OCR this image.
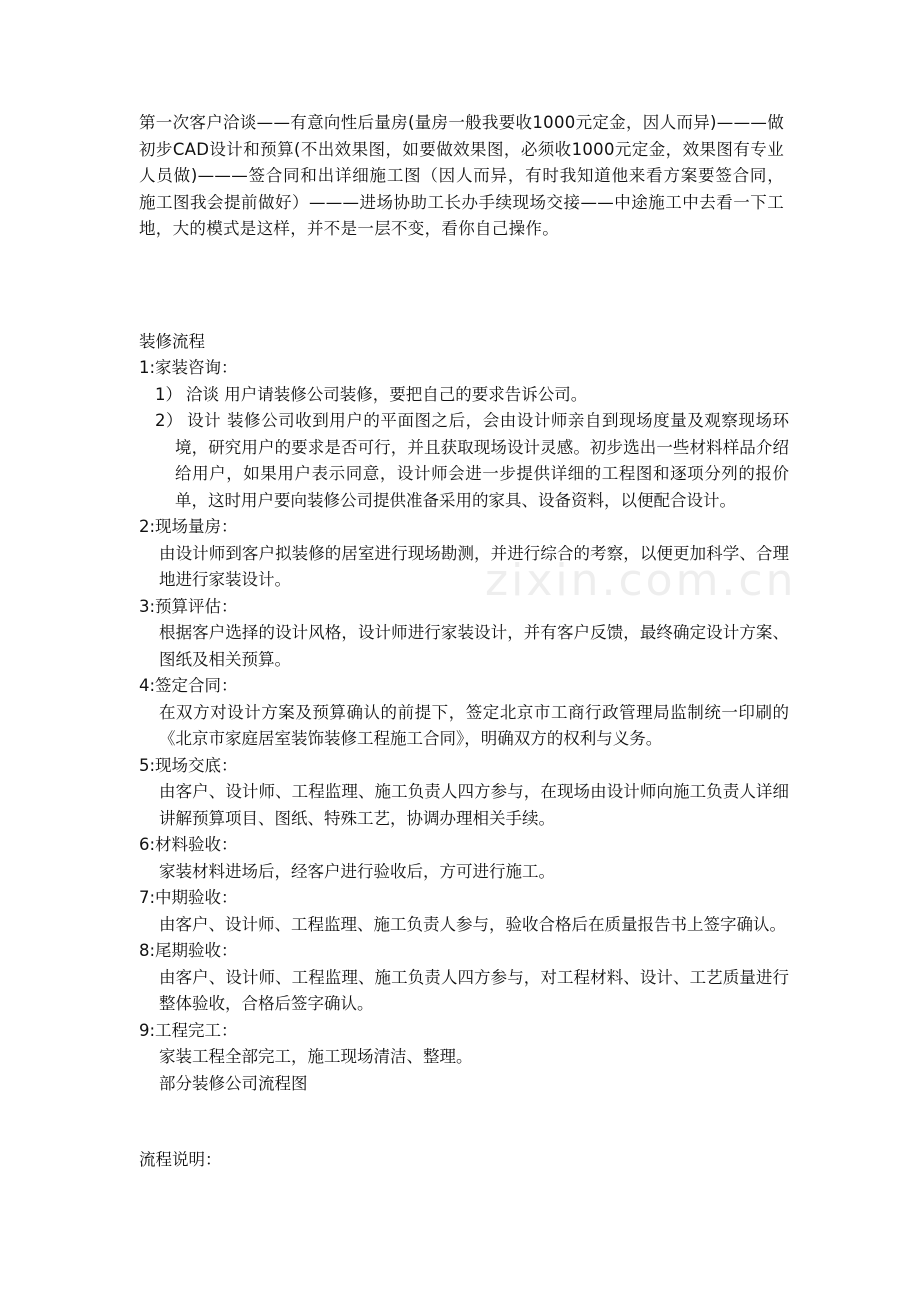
第一次客户洽谈——有意向性后量房(量房一般我要收1000元定金，因人而异)———做初步CAD设计和预算(不出效果图，如要做效果图，必须收1000元定金，效果图有专业人员做)———签合同和出详细施工图（因人而异，有时我知道他来看方案要签合同，施工图我会提前做好）———进场协助工长办手续现场交接——中途施工中去看一下工地，大的模式是这样，并不是一层不变，看你自己操作。

装修流程

1:家装咨询：

1） 洽谈 用户请装修公司装修，要把自己的要求告诉公司。

2） 设计 装修公司收到用户的平面图之后，会由设计师亲自到现场度量及观察现场环境，研究用户的要求是否可行，并且获取现场设计灵感。初步选出一些材料样品介绍给用户，如果用户表示同意，设计师会进一步提供详细的工程图和逐项分列的报价单，这时用户要向装修公司提供准备采用的家具、设备资料，以便配合设计。

2:现场量房：

由设计师到客户拟装修的居室进行现场勘测，并进行综合的考察，以便更加科学、合理地进行家装设计。

3:预算评估：

根据客户选择的设计风格，设计师进行家装设计，并有客户反馈，最终确定设计方案、图纸及相关预算。

4:签定合同：

在双方对设计方案及预算确认的前提下，签定北京市工商行政管理局监制统一印刷的《北京市家庭居室装饰装修工程施工合同》，明确双方的权利与义务。

5:现场交底：

由客户、设计师、工程监理、施工负责人四方参与，在现场由设计师向施工负责人详细讲解预算项目、图纸、特殊工艺，协调办理相关手续。

6:材料验收：

家装材料进场后，经客户进行验收后，方可进行施工。

7:中期验收：

由客户、设计师、工程监理、施工负责人参与，验收合格后在质量报告书上签字确认。

8:尾期验收：

由客户、设计师、工程监理、施工负责人四方参与，对工程材料、设计、工艺质量进行整体验收，合格后签字确认。

9:工程完工：

家装工程全部完工，施工现场清洁、整理。

部分装修公司流程图

流程说明：
zixin.com.cn
